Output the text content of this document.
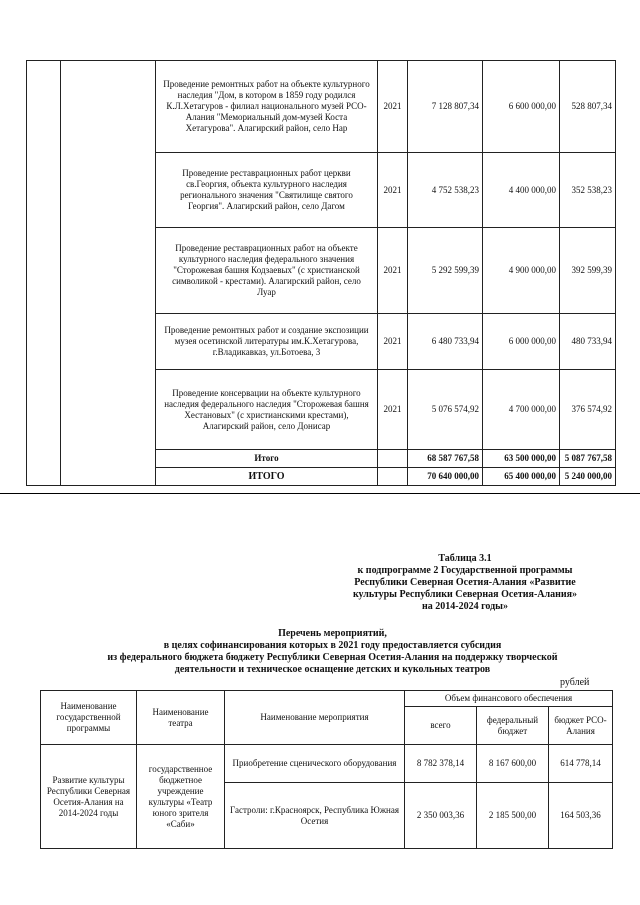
		Проведение ремонтных работ на объекте культурного наследия "Дом, в котором в 1859 году родился К.Л.Хетагуров - филиал национального музей РСО-Алания "Мемориальный дом-музей Коста Хетагурова". Алагирский район, село Нар	2021	7 128 807,34	6 600 000,00	528 807,34
		Проведение реставрационных работ церкви св.Георгия, объекта культурного наследия регионального значения "Святилище святого Георгия". Алагирский район, село Дагом	2021	4 752 538,23	4 400 000,00	352 538,23
		Проведение реставрационных работ на объекте культурного наследия федерального значения "Сторожевая башня Кодзаевых" (с христианской символикой - крестами). Алагирский район, село Луар	2021	5 292 599,39	4 900 000,00	392 599,39
		Проведение ремонтных работ и создание экспозиции музея осетинской литературы им.К.Хетагурова, г.Владикавказ, ул.Ботоева, 3	2021	6 480 733,94	6 000 000,00	480 733,94
		Проведение консервации на объекте культурного наследия федерального наследия "Сторожевая башня Хестановых" (с христианскими крестами), Алагирский район, село Донисар	2021	5 076 574,92	4 700 000,00	376 574,92
		Итого		68 587 767,58	63 500 000,00	5 087 767,58
		ИТОГО		70 640 000,00	65 400 000,00	5 240 000,00
Таблица 3.1
к подпрограмме 2 Государственной программы
Республики Северная Осетия-Алания «Развитие
культуры Республики Северная Осетия-Алания»
на 2014-2024 годы»
Перечень мероприятий,
в целях софинансирования которых в 2021 году предоставляется субсидия
из федерального бюджета бюджету Республики Северная Осетия-Алания на поддержку творческой
деятельности и техническое оснащение детских и кукольных театров
рублей
Наименование государственной программы	Наименование театра	Наименование мероприятия	Объем финансового обеспечения		
			всего	федеральный бюджет	бюджет РСО-Алания
Развитие культуры Республики Северная Осетия-Алания на 2014-2024 годы	государственное бюджетное учреждение культуры «Театр юного зрителя «Саби»	Приобретение сценического оборудования	8 782 378,14	8 167 600,00	614 778,14
		Гастроли: г.Красноярск, Республика Южная Осетия	2 350 003,36	2 185 500,00	164 503,36
